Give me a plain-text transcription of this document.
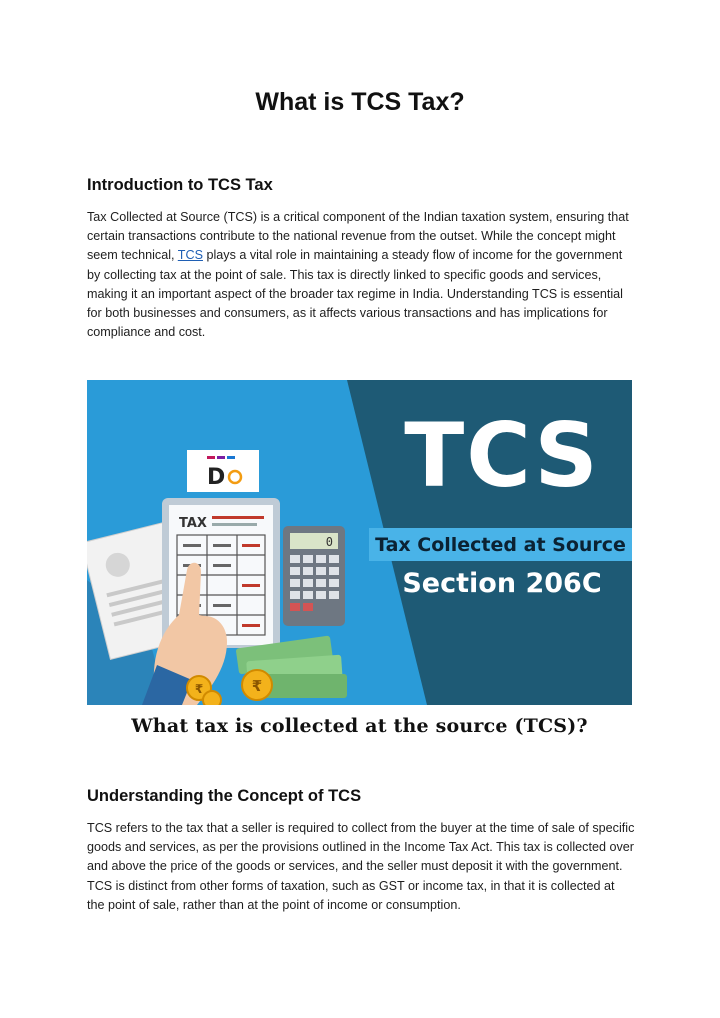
What is TCS Tax?
Introduction to TCS Tax

Tax Collected at Source (TCS) is a critical component of the Indian taxation system, ensuring that certain transactions contribute to the national revenue from the outset. While the concept might seem technical, TCS plays a vital role in maintaining a steady flow of income for the government by collecting tax at the point of sale. This tax is directly linked to specific goods and services, making it an important aspect of the broader tax regime in India. Understanding TCS is essential for both businesses and consumers, as it affects various transactions and has implications for compliance and cost.

D
TAX
0
₹
₹
TCS
Tax Collected at Source
Section 206C
What tax is collected at the source (TCS)?
Understanding the Concept of TCS

TCS refers to the tax that a seller is required to collect from the buyer at the time of sale of specific goods and services, as per the provisions outlined in the Income Tax Act. This tax is collected over and above the price of the goods or services, and the seller must deposit it with the government. TCS is distinct from other forms of taxation, such as GST or income tax, in that it is collected at the point of sale, rather than at the point of income or consumption.
